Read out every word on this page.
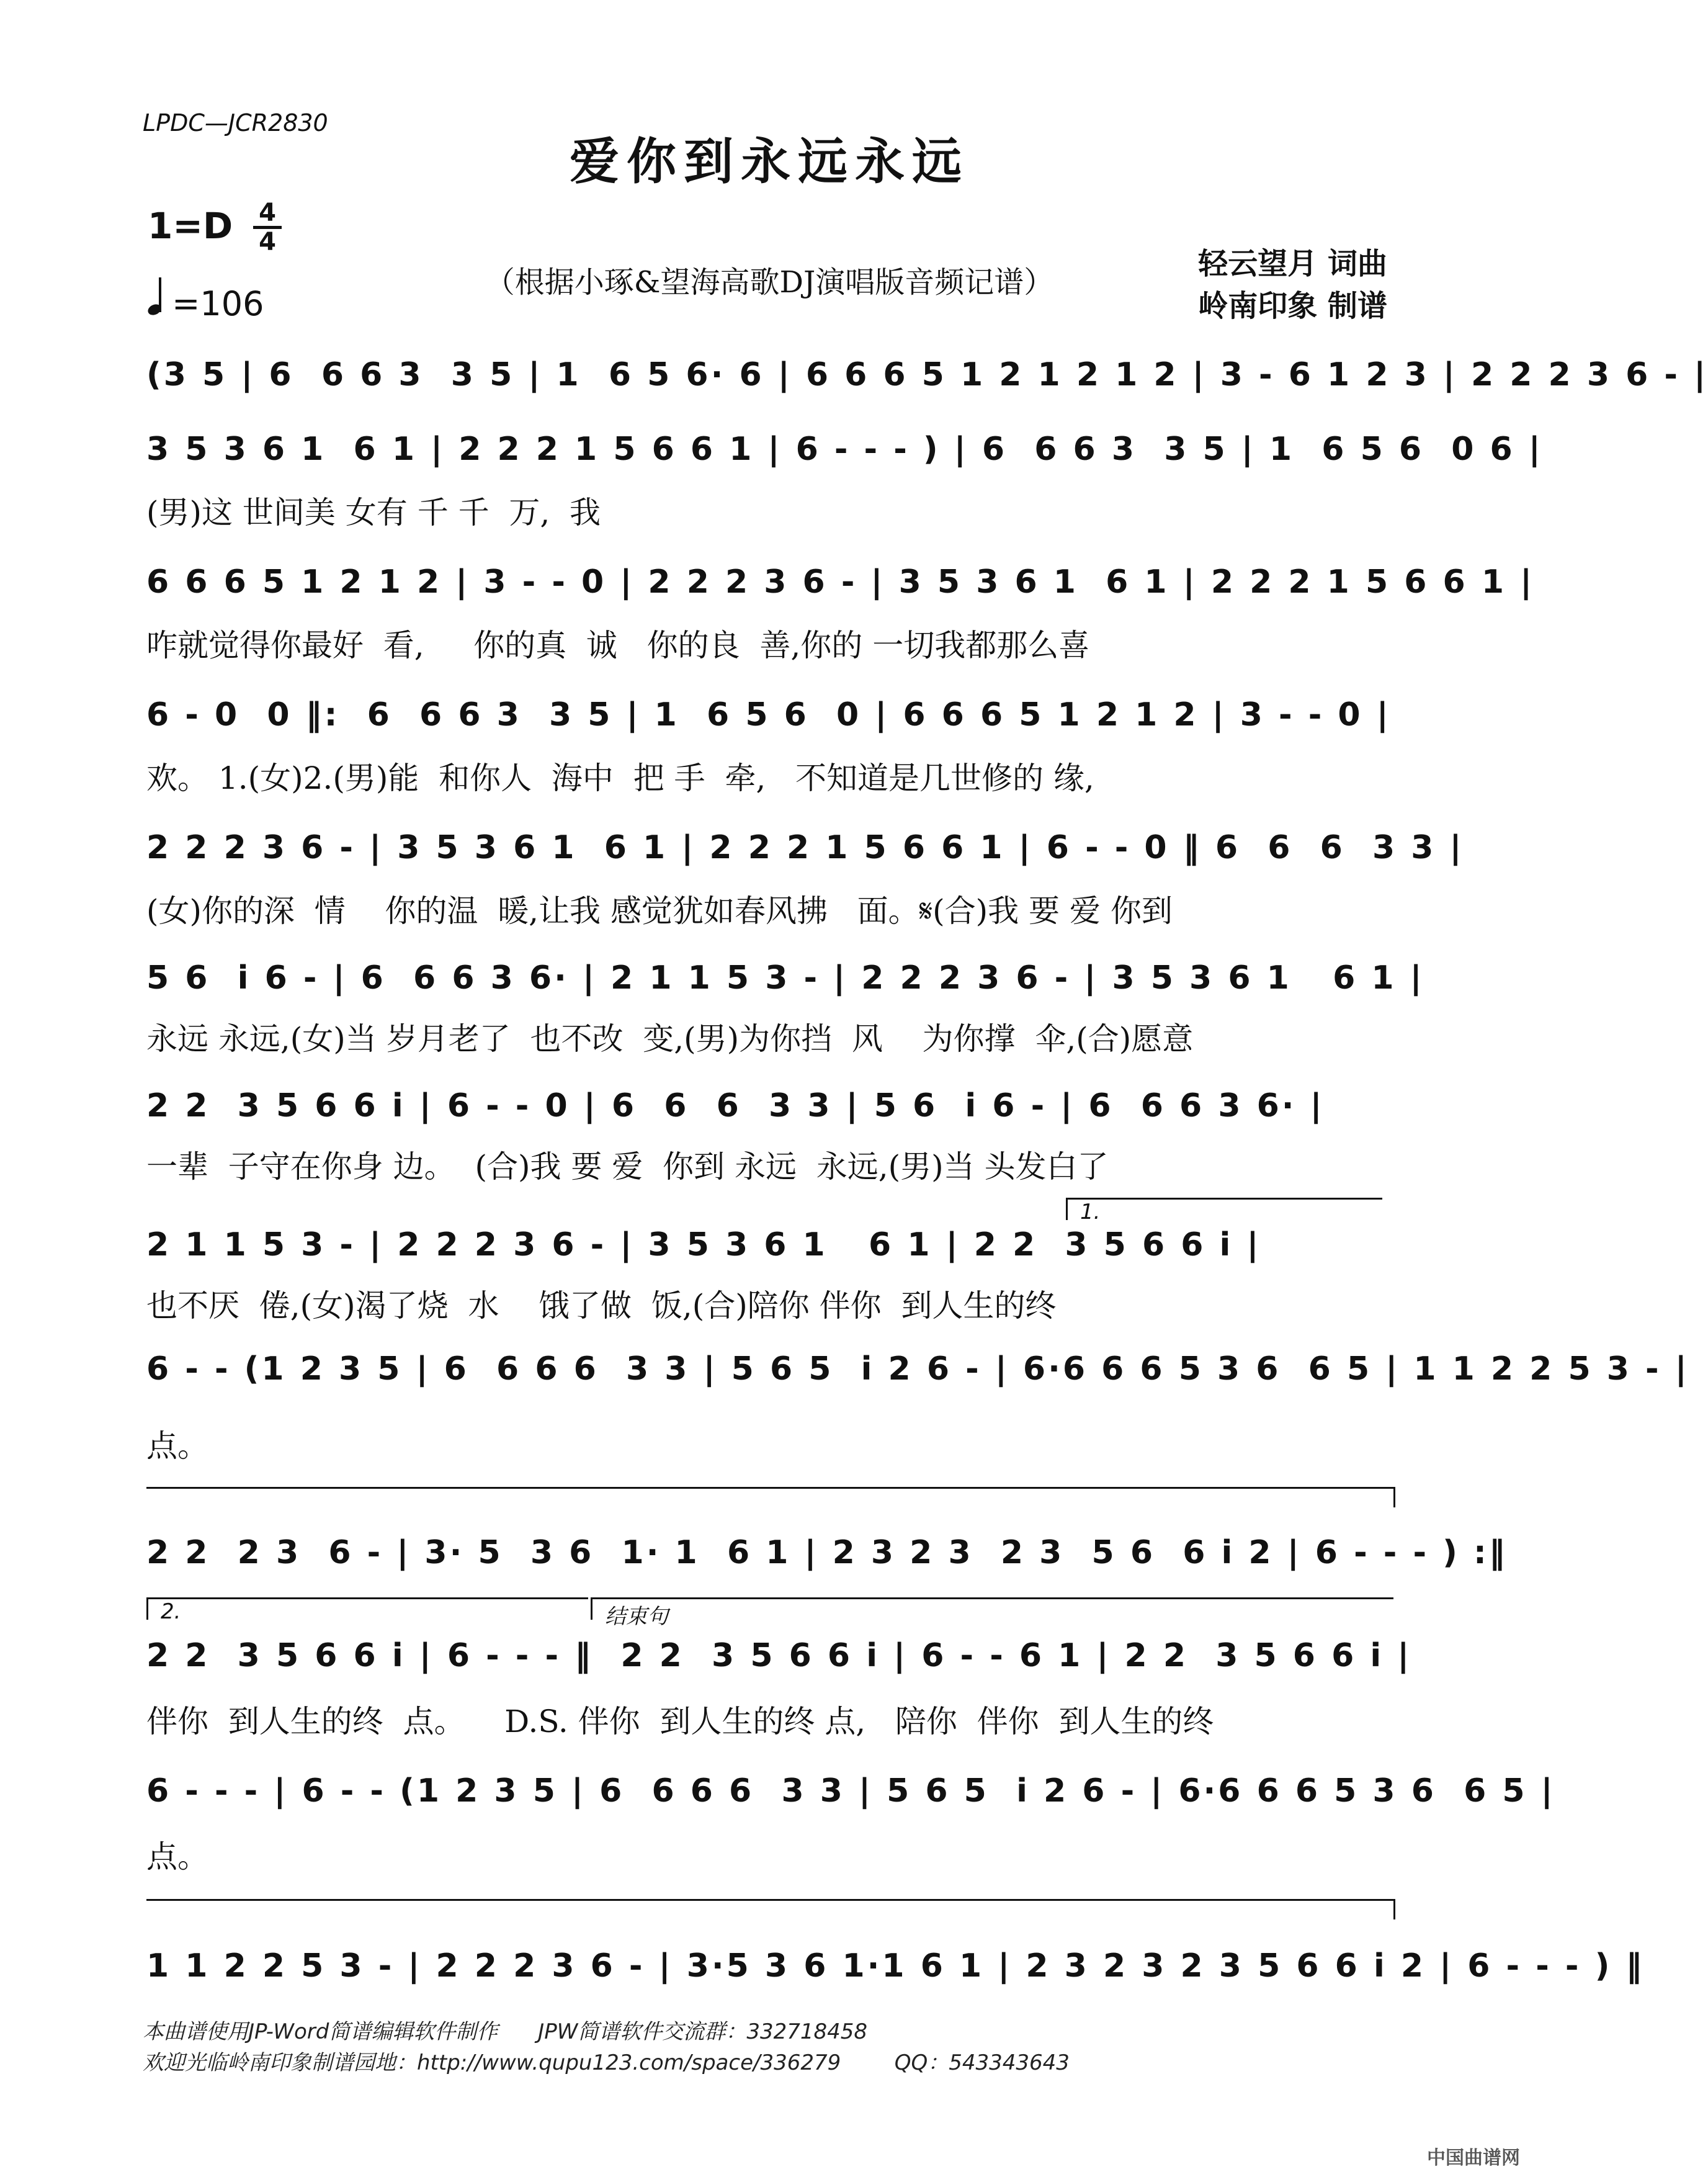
LPDC—JCR2830
爱你到永远永远
1=D 4
4
=106
（根据小琢&望海高歌DJ演唱版音频记谱）
轻云望月 词曲
岭南印象 制谱
(3 5 | 6  6 6 3  3 5 | 1  6 5 6· 6 | 6 6 6 5 1 2 1 2 1 2 | 3 - 6 1 2 3 | 2 2 2 3 6 - |
3 5 3 6 1  6 1 | 2 2 2 1 5 6 6 1 | 6 - - - ) | 6  6 6 3  3 5 | 1  6 5 6  0 6 |
(男)这 世间美 女有 千 千  万,  我
6 6 6 5 1 2 1 2 | 3 - - 0 | 2 2 2 3 6 - | 3 5 3 6 1  6 1 | 2 2 2 1 5 6 6 1 |
咋就觉得你最好  看,     你的真  诚   你的良  善,你的 一切我都那么喜
6 - 0  0 ‖:  6  6 6 3  3 5 | 1  6 5 6  0 | 6 6 6 5 1 2 1 2 | 3 - - 0 |
欢。 1.(女)2.(男)能  和你人  海中  把 手  牵,   不知道是几世修的 缘,
2 2 2 3 6 - | 3 5 3 6 1  6 1 | 2 2 2 1 5 6 6 1 | 6 - - 0 ‖ 6  6  6  3 3 |
(女)你的深  情    你的温  暖,让我 感觉犹如春风拂   面。𝄋(合)我 要 爱 你到
5 6  i 6 - | 6  6 6 3 6· | 2 1 1 5 3 - | 2 2 2 3 6 - | 3 5 3 6 1   6 1 |
永远 永远,(女)当 岁月老了  也不改  变,(男)为你挡  风    为你撑  伞,(合)愿意
2 2  3 5 6 6 i | 6 - - 0 | 6  6  6  3 3 | 5 6  i 6 - | 6  6 6 3 6· |
一辈  子守在你身 边。  (合)我 要 爱  你到 永远  永远,(男)当 头发白了
1.
2 1 1 5 3 - | 2 2 2 3 6 - | 3 5 3 6 1   6 1 | 2 2  3 5 6 6 i |
也不厌  倦,(女)渴了烧  水    饿了做  饭,(合)陪你 伴你  到人生的终
6 - - (1 2 3 5 | 6  6 6 6  3 3 | 5 6 5  i 2 6 - | 6·6 6 6 5 3 6  6 5 | 1 1 2 2 5 3 - |
点。
2 2  2 3  6 - | 3· 5  3 6  1· 1  6 1 | 2 3 2 3  2 3  5 6  6 i 2 | 6 - - - ) :‖
2.	结束句
2 2  3 5 6 6 i | 6 - - - ‖  2 2  3 5 6 6 i | 6 - - 6 1 | 2 2  3 5 6 6 i |
伴你  到人生的终  点。    D.S. 伴你  到人生的终 点,   陪你  伴你  到人生的终
6 - - - | 6 - - (1 2 3 5 | 6  6 6 6  3 3 | 5 6 5  i 2 6 - | 6·6 6 6 5 3 6  6 5 |
点。
1 1 2 2 5 3 - | 2 2 2 3 6 - | 3·5 3 6 1·1 6 1 | 2 3 2 3 2 3 5 6 6 i 2 | 6 - - - ) ‖
本曲谱使用JP-Word简谱编辑软件制作      JPW简谱软件交流群：332718458
欢迎光临岭南印象制谱园地：http://www.qupu123.com/space/336279        QQ：543343643
中国曲谱网
